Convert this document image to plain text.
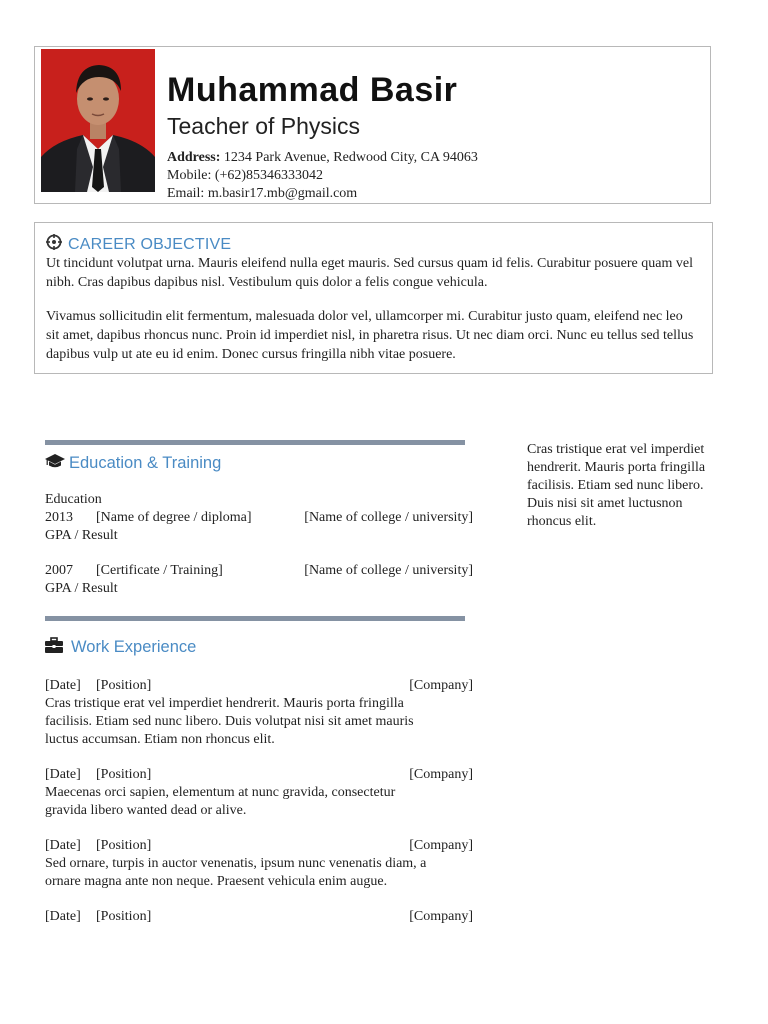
Muhammad Basir
Teacher of Physics
Address: 1234 Park Avenue, Redwood City, CA 94063
Mobile: (+62)85346333042
Email: m.basir17.mb@gmail.com
CAREER OBJECTIVE

Ut tincidunt volutpat urna. Mauris eleifend nulla eget mauris. Sed cursus quam id felis. Curabitur posuere quam vel nibh. Cras dapibus dapibus nisl. Vestibulum quis dolor a felis congue vehicula.

Vivamus sollicitudin elit fermentum, malesuada dolor vel, ullamcorper mi. Curabitur justo quam, eleifend nec leo sit amet, dapibus rhoncus nunc. Proin id imperdiet nisl, in pharetra risus. Ut nec diam orci. Nunc eu tellus sed tellus dapibus vulp ut ate eu id enim. Donec cursus fringilla nibh vitae posuere.

Education & Training
Education
2013 [Name of degree / diploma]	[Name of college / university]
GPA / Result
2007 [Certificate / Training]	[Name of college / university]
GPA / Result
Work Experience
[Date] [Position]	[Company]
Cras tristique erat vel imperdiet hendrerit. Mauris porta fringilla
facilisis. Etiam sed nunc libero. Duis volutpat nisi sit amet mauris
luctus accumsan. Etiam non rhoncus elit.
[Date] [Position]	[Company]
Maecenas orci sapien, elementum at nunc gravida, consectetur
gravida libero wanted dead or alive.
[Date] [Position]	[Company]
Sed ornare, turpis in auctor venenatis, ipsum nunc venenatis diam, a
ornare magna ante non neque. Praesent vehicula enim augue.
[Date] [Position]	[Company]
Cras tristique erat vel imperdiet hendrerit. Mauris porta fringilla facilisis. Etiam sed nunc libero. Duis nisi sit amet luctusnon rhoncus elit.
